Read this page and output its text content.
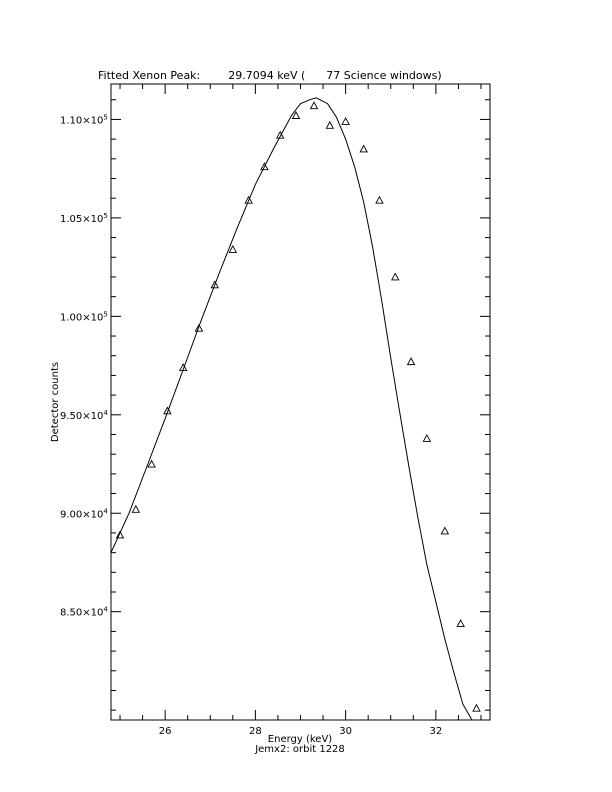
Fitted Xenon Peak:        29.7094 keV (      77 Science windows)
26	28	30	32
$8.50\times 10^4$
$9.00\times 10^4$
$9.50\times 10^4$
$1.00\times 10^5$
$1.05\times 10^5$
$1.10\times 10^5$
Energy (keV)
Jemx2: orbit 1228
Detector counts
